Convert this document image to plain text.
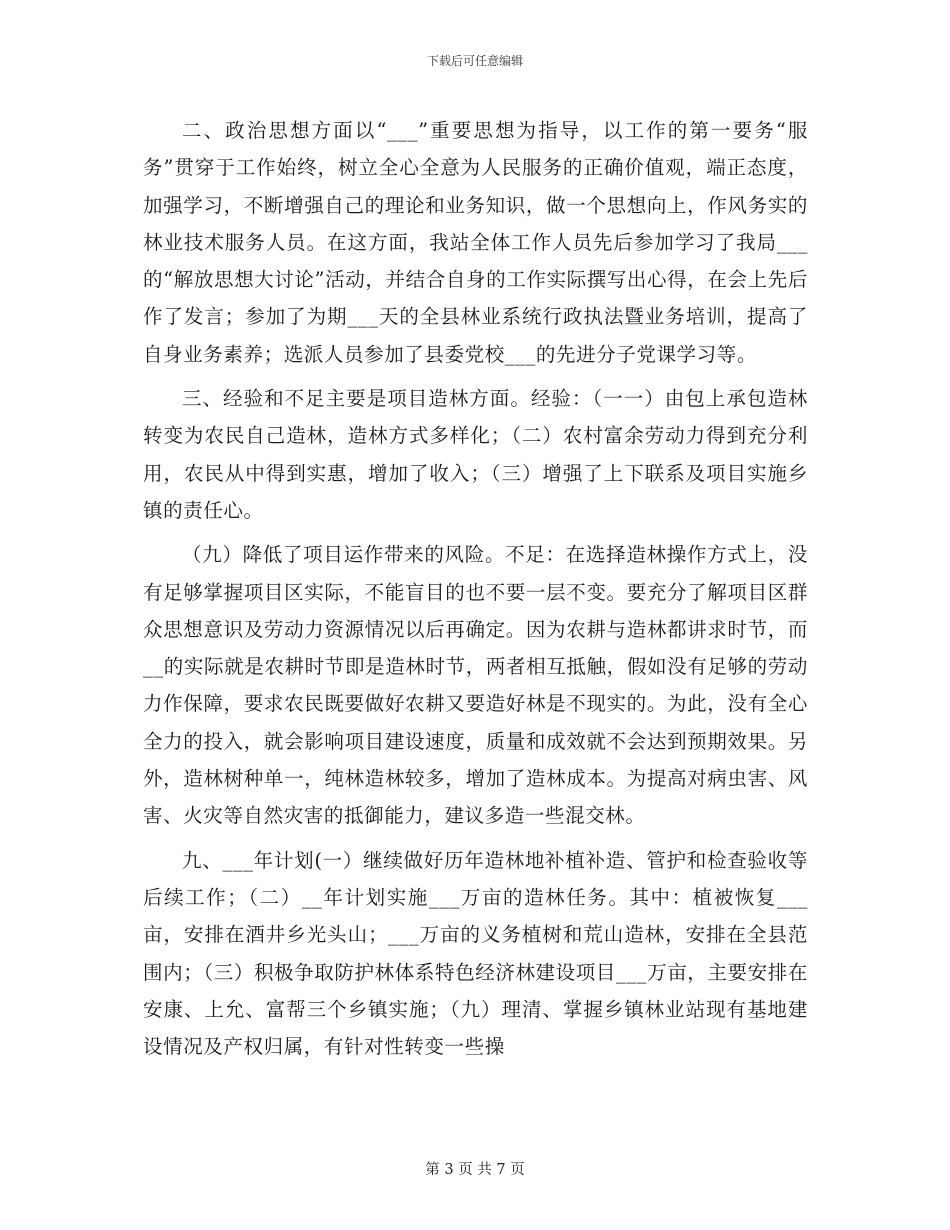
下载后可任意编辑

二、政治思想方面以“___”重要思想为指导，以工作的第一要务“服务”贯穿于工作始终，树立全心全意为人民服务的正确价值观，端正态度，加强学习，不断增强自己的理论和业务知识，做一个思想向上，作风务实的林业技术服务人员。在这方面，我站全体工作人员先后参加学习了我局___的“解放思想大讨论”活动，并结合自身的工作实际撰写出心得，在会上先后作了发言；参加了为期___天的全县林业系统行政执法暨业务培训，提高了自身业务素养；选派人员参加了县委党校___的先进分子党课学习等。

三、经验和不足主要是项目造林方面。经验：（一一）由包上承包造林转变为农民自己造林，造林方式多样化；（二）农村富余劳动力得到充分利用，农民从中得到实惠，增加了收入；（三）增强了上下联系及项目实施乡镇的责任心。

（九）降低了项目运作带来的风险。不足：在选择造林操作方式上，没有足够掌握项目区实际，不能盲目的也不要一层不变。要充分了解项目区群众思想意识及劳动力资源情况以后再确定。因为农耕与造林都讲求时节，而__的实际就是农耕时节即是造林时节，两者相互抵触，假如没有足够的劳动力作保障，要求农民既要做好农耕又要造好林是不现实的。为此，没有全心全力的投入，就会影响项目建设速度，质量和成效就不会达到预期效果。另外，造林树种单一，纯林造林较多，增加了造林成本。为提高对病虫害、风害、火灾等自然灾害的抵御能力，建议多造一些混交林。

九、___年计划(一）继续做好历年造林地补植补造、管护和检查验收等后续工作；（二）__年计划实施___万亩的造林任务。其中：植被恢复___亩，安排在酒井乡光头山；___万亩的义务植树和荒山造林，安排在全县范围内；（三）积极争取防护林体系特色经济林建设项目___万亩，主要安排在安康、上允、富帮三个乡镇实施；（九）理清、掌握乡镇林业站现有基地建设情况及产权归属，有针对性转变一些操

第 3 页 共 7 页
